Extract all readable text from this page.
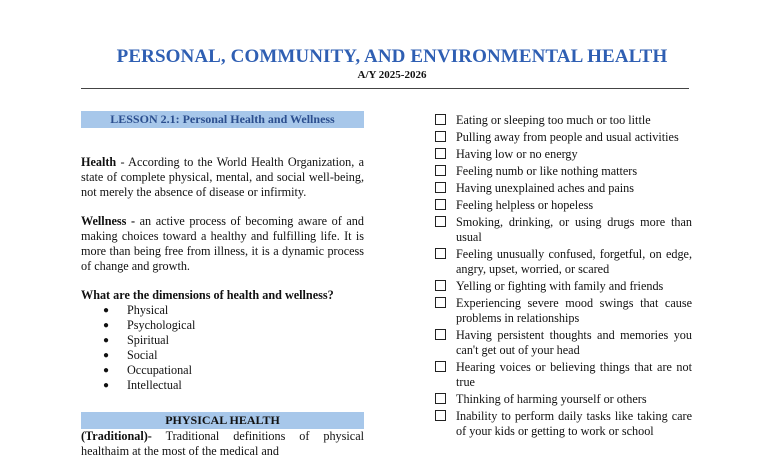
PERSONAL, COMMUNITY, AND ENVIRONMENTAL HEALTH
A/Y 2025-2026
LESSON 2.1: Personal Health and Wellness

Health - According to the World Health Organization, a state of complete physical, mental, and social well-being, not merely the absence of disease or infirmity.

Wellness - an active process of becoming aware of and making choices toward a healthy and fulfilling life. It is more than being free from illness, it is a dynamic process of change and growth.

What are the dimensions of health and wellness?

● Physical
● Psychological
● Spiritual
● Social
● Occupational
● Intellectual
PHYSICAL HEALTH

(Traditional)- Traditional definitions of physical healthaim at the most of the medical and

Eating or sleeping too much or too little
Pulling away from people and usual activities
Having low or no energy
Feeling numb or like nothing matters
Having unexplained aches and pains
Feeling helpless or hopeless
Smoking, drinking, or using drugs more than usual
Feeling unusually confused, forgetful, on edge, angry, upset, worried, or scared
Yelling or fighting with family and friends
Experiencing severe mood swings that cause problems in relationships
Having persistent thoughts and memories you can't get out of your head
Hearing voices or believing things that are not true
Thinking of harming yourself or others
Inability to perform daily tasks like taking care of your kids or getting to work or school
